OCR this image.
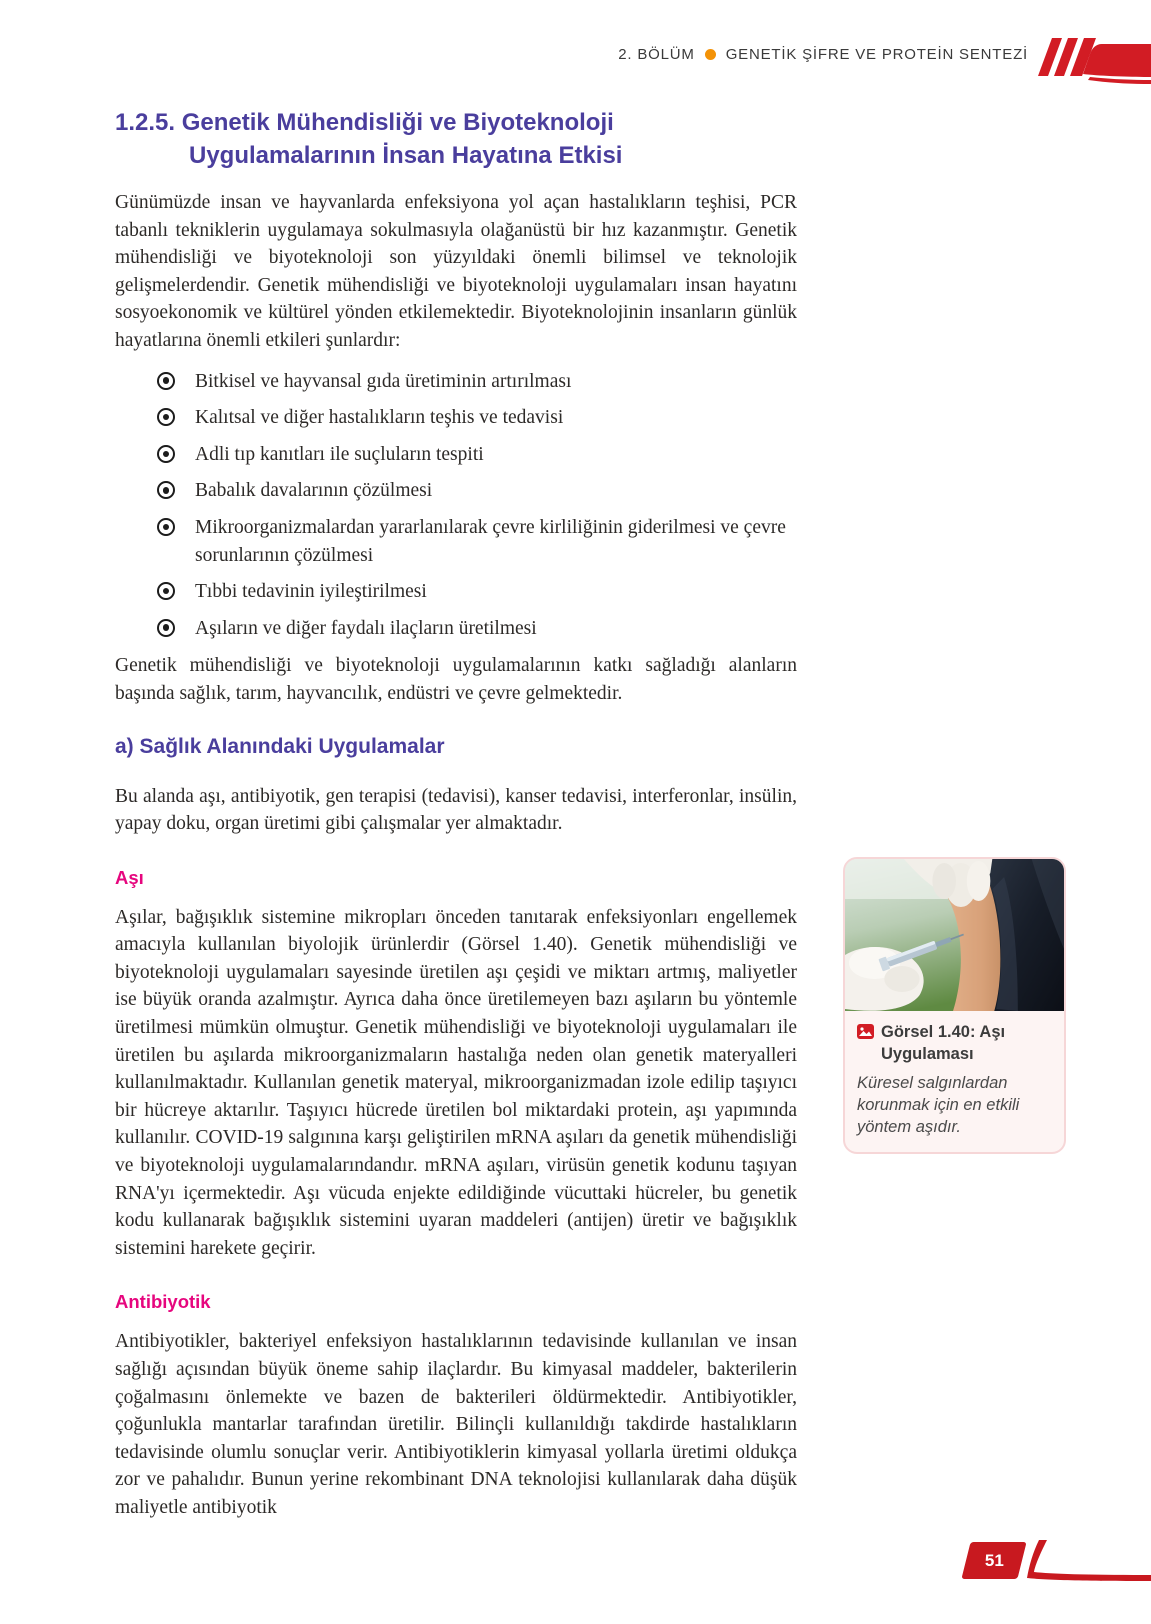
2. BÖLÜM GENETİK ŞİFRE VE PROTEİN SENTEZİ
1.2.5. Genetik Mühendisliği ve Biyoteknoloji
Uygulamalarının İnsan Hayatına Etkisi

Günümüzde insan ve hayvanlarda enfeksiyona yol açan hastalıkların teşhisi, PCR tabanlı tekniklerin uygulamaya sokulmasıyla olağanüstü bir hız kazanmıştır. Genetik mühendisliği ve biyoteknoloji son yüzyıldaki önemli bilimsel ve teknolojik gelişmelerdendir. Genetik mühendisliği ve biyoteknoloji uygulamaları insan hayatını sosyoekonomik ve kültürel yönden etkilemektedir. Biyoteknolojinin insanların günlük hayatlarına önemli etkileri şunlardır:

Bitkisel ve hayvansal gıda üretiminin artırılması
Kalıtsal ve diğer hastalıkların teşhis ve tedavisi
Adli tıp kanıtları ile suçluların tespiti
Babalık davalarının çözülmesi
Mikroorganizmalardan yararlanılarak çevre kirliliğinin giderilmesi ve çevre sorunlarının çözülmesi
Tıbbi tedavinin iyileştirilmesi
Aşıların ve diğer faydalı ilaçların üretilmesi

Genetik mühendisliği ve biyoteknoloji uygulamalarının katkı sağladığı alanların başında sağlık, tarım, hayvancılık, endüstri ve çevre gelmektedir.

a) Sağlık Alanındaki Uygulamalar

Bu alanda aşı, antibiyotik, gen terapisi (tedavisi), kanser tedavisi, interferonlar, insülin, yapay doku, organ üretimi gibi çalışmalar yer almaktadır.

Aşı

Aşılar, bağışıklık sistemine mikropları önceden tanıtarak enfeksiyonları engellemek amacıyla kullanılan biyolojik ürünlerdir (Görsel 1.40). Genetik mühendisliği ve biyoteknoloji uygulamaları sayesinde üretilen aşı çeşidi ve miktarı artmış, maliyetler ise büyük oranda azalmıştır. Ayrıca daha önce üretilemeyen bazı aşıların bu yöntemle üretilmesi mümkün olmuştur. Genetik mühendisliği ve biyoteknoloji uygulamaları ile üretilen bu aşılarda mikroorganizmaların hastalığa neden olan genetik materyalleri kullanılmaktadır. Kullanılan genetik materyal, mikroorganizmadan izole edilip taşıyıcı bir hücreye aktarılır. Taşıyıcı hücrede üretilen bol miktardaki protein, aşı yapımında kullanılır. COVID-19 salgınına karşı geliştirilen mRNA aşıları da genetik mühendisliği ve biyoteknoloji uygulamalarındandır. mRNA aşıları, virüsün genetik kodunu taşıyan RNA'yı içermektedir. Aşı vücuda enjekte edildiğinde vücuttaki hücreler, bu genetik kodu kullanarak bağışıklık sistemini uyaran maddeleri (antijen) üretir ve bağışıklık sistemini harekete geçirir.

Antibiyotik

Antibiyotikler, bakteriyel enfeksiyon hastalıklarının tedavisinde kullanılan ve insan sağlığı açısından büyük öneme sahip ilaçlardır. Bu kimyasal maddeler, bakterilerin çoğalmasını önlemekte ve bazen de bakterileri öldürmektedir. Antibiyotikler, çoğunlukla mantarlar tarafından üretilir. Bilinçli kullanıldığı takdirde hastalıkların tedavisinde olumlu sonuçlar verir. Antibiyotiklerin kimyasal yollarla üretimi oldukça zor ve pahalıdır. Bunun yerine rekombinant DNA teknolojisi kullanılarak daha düşük maliyetle antibiyotik

Görsel 1.40: Aşı Uygulaması
Küresel salgınlardan korunmak için en etkili yöntem aşıdır.
51
